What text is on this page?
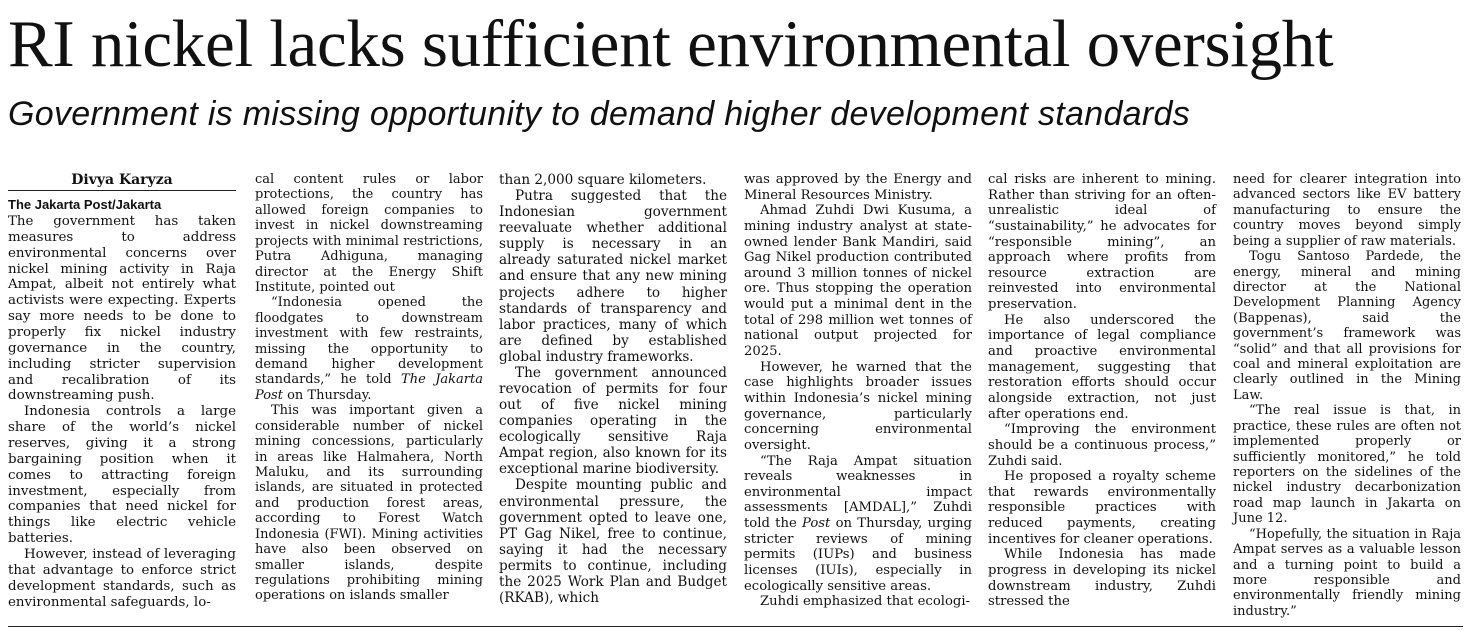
RI nickel lacks sufficient environmental oversight
Government is missing opportunity to demand higher development standards
Divya Karyza
The Jakarta Post/Jakarta

The government has taken measures to address environmental concerns over nickel mining activity in Raja Ampat, albeit not entirely what activists were expecting. Experts say more needs to be done to properly fix nickel industry governance in the country, including stricter supervision and recalibration of its downstreaming push.

Indonesia controls a large share of the world’s nickel reserves, giving it a strong bargaining position when it comes to attracting foreign investment, especially from companies that need nickel for things like electric vehicle batteries.

However, instead of leveraging that advantage to enforce strict development standards, such as environmental safeguards, lo-

cal content rules or labor protections, the country has allowed foreign companies to invest in nickel downstreaming projects with minimal restrictions, Putra Adhiguna, managing director at the Energy Shift Institute, pointed out

“Indonesia opened the floodgates to downstream investment with few restraints, missing the opportunity to demand higher development standards,” he told The Jakarta Post on Thursday.

This was important given a considerable number of nickel mining concessions, particularly in areas like Halmahera, North Maluku, and its surrounding islands, are situated in protected and production forest areas, according to Forest Watch Indonesia (FWI). Mining activities have also been observed on smaller islands, despite regulations prohibiting mining operations on islands smaller

than 2,000 square kilometers.

Putra suggested that the Indonesian government reevaluate whether additional supply is necessary in an already saturated nickel market and ensure that any new mining projects adhere to higher standards of transparency and labor practices, many of which are defined by established global industry frameworks.

The government announced revocation of permits for four out of five nickel mining companies operating in the ecologically sensitive Raja Ampat region, also known for its exceptional marine biodiversity.

Despite mounting public and environmental pressure, the government opted to leave one, PT Gag Nikel, free to continue, saying it had the necessary permits to continue, including the 2025 Work Plan and Budget (RKAB), which

was approved by the Energy and Mineral Resources Ministry.

Ahmad Zuhdi Dwi Kusuma, a mining industry analyst at state-owned lender Bank Mandiri, said Gag Nikel production contributed around 3 million tonnes of nickel ore. Thus stopping the operation would put a minimal dent in the total of 298 million wet tonnes of national output projected for 2025.

However, he warned that the case highlights broader issues within Indonesia’s nickel mining governance, particularly concerning environmental oversight.

“The Raja Ampat situation reveals weaknesses in environmental impact assessments [AMDAL],” Zuhdi told the Post on Thursday, urging stricter reviews of mining permits (IUPs) and business licenses (IUIs), especially in ecologically sensitive areas.

Zuhdi emphasized that ecologi-

cal risks are inherent to mining. Rather than striving for an often-unrealistic ideal of “sustainability,” he advocates for “responsible mining”, an approach where profits from resource extraction are reinvested into environmental preservation.

He also underscored the importance of legal compliance and proactive environmental management, suggesting that restoration efforts should occur alongside extraction, not just after operations end.

“Improving the environment should be a continuous process,” Zuhdi said.

He proposed a royalty scheme that rewards environmentally responsible practices with reduced payments, creating incentives for cleaner operations.

While Indonesia has made progress in developing its nickel downstream industry, Zuhdi stressed the

need for clearer integration into advanced sectors like EV battery manufacturing to ensure the country moves beyond simply being a supplier of raw materials.

Togu Santoso Pardede, the energy, mineral and mining director at the National Development Planning Agency (Bappenas), said the government’s framework was “solid” and that all provisions for coal and mineral exploitation are clearly outlined in the Mining Law.

“The real issue is that, in practice, these rules are often not implemented properly or sufficiently monitored,” he told reporters on the sidelines of the nickel industry decarbonization road map launch in Jakarta on June 12.

“Hopefully, the situation in Raja Ampat serves as a valuable lesson and a turning point to build a more responsible and environmentally friendly mining industry.”
